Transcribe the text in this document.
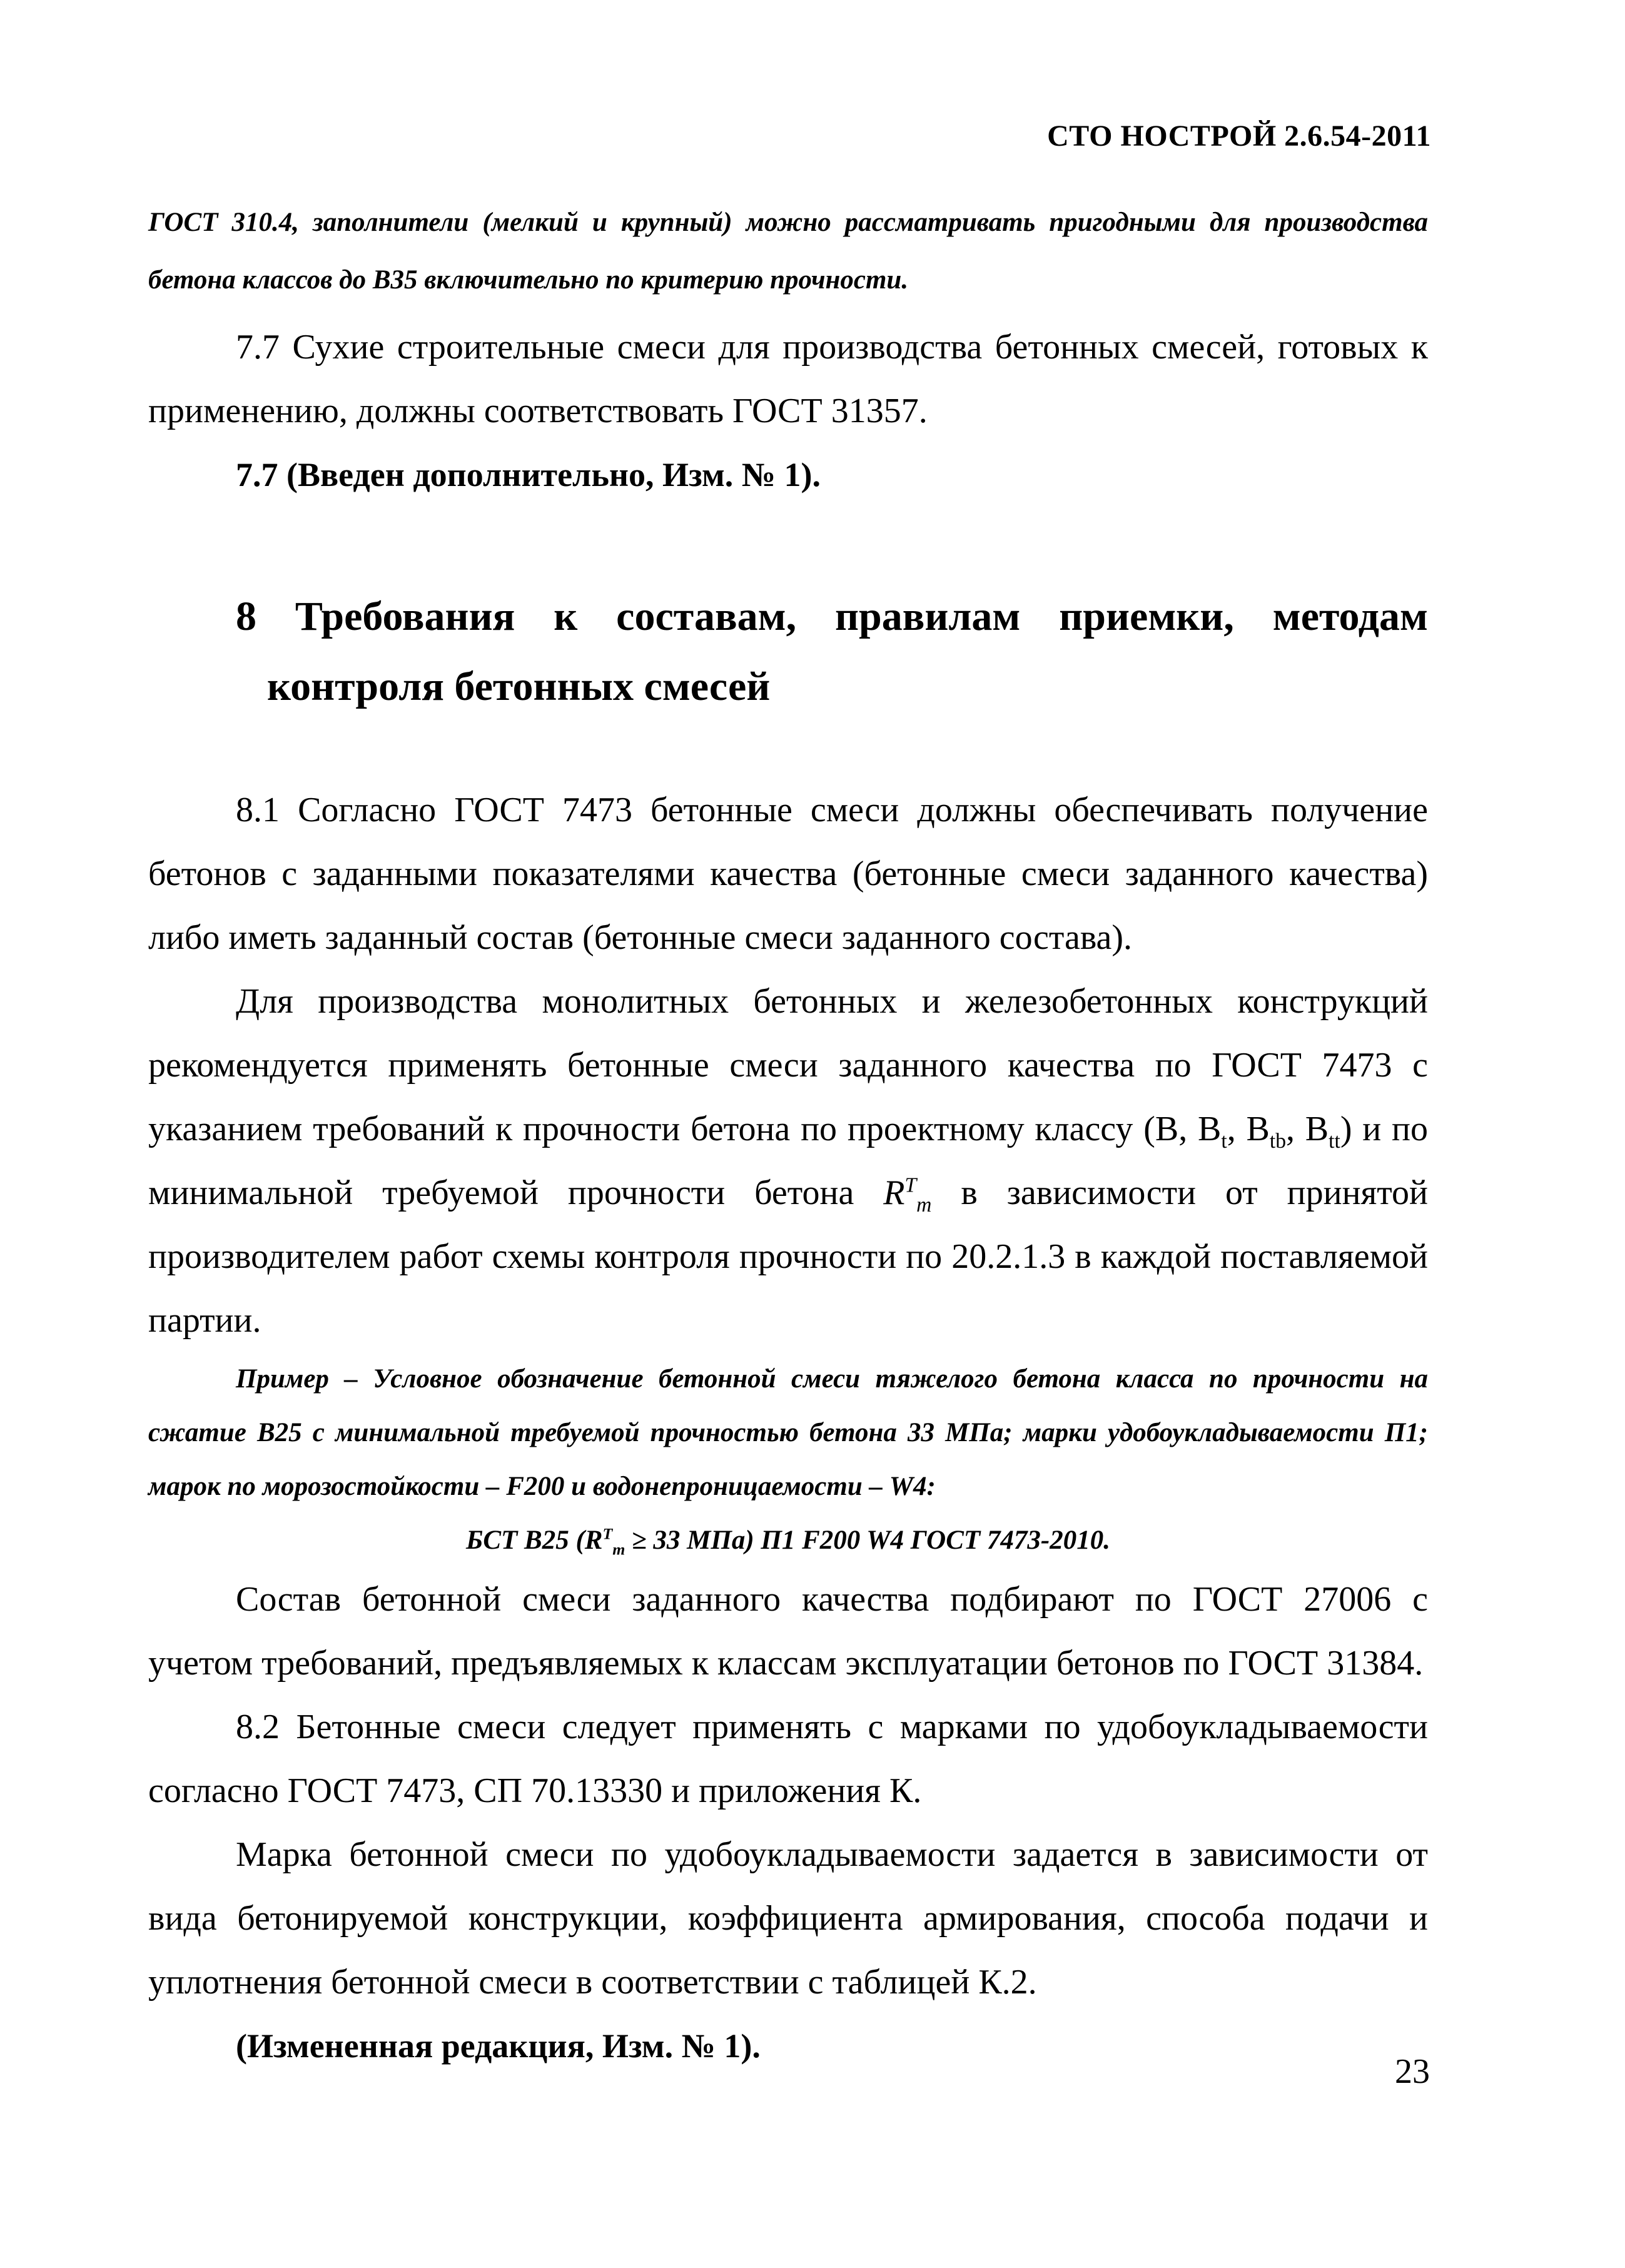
СТО НОСТРОЙ 2.6.54-2011

ГОСТ 310.4, заполнители (мелкий и крупный) можно рассматривать пригодными для производства бетона классов до В35 включительно по критерию прочности.

7.7 Сухие строительные смеси для производства бетонных смесей, готовых к применению, должны соответствовать ГОСТ 31357.

7.7 (Введен дополнительно, Изм. № 1).

8 Требования к составам, правилам приемки, методам контроля бетонных смесей

8.1 Согласно ГОСТ 7473 бетонные смеси должны обеспечивать получение бетонов с заданными показателями качества (бетонные смеси заданного качества) либо иметь заданный состав (бетонные смеси заданного состава).

Для производства монолитных бетонных и железобетонных конструкций рекомендуется применять бетонные смеси заданного качества по ГОСТ 7473 с указанием требований к прочности бетона по проектному классу (В, $В_t$, $В_{tb}$, $В_{tt}$) и по минимальной требуемой прочности бетона $R^T_m$ в зависимости от принятой производителем работ схемы контроля прочности по 20.2.1.3 в каждой поставляемой партии.

Пример – Условное обозначение бетонной смеси тяжелого бетона класса по прочности на сжатие В25 с минимальной требуемой прочностью бетона 33 МПа; марки удобоукладываемости П1; марок по морозостойкости – F200 и водонепроницаемости – W4:

БСТ В25 ($R^T_m \ge 33$ МПа) П1 F200 W4 ГОСТ 7473-2010.

Состав бетонной смеси заданного качества подбирают по ГОСТ 27006 с учетом требований, предъявляемых к классам эксплуатации бетонов по ГОСТ 31384.

8.2 Бетонные смеси следует применять с марками по удобоукладываемости согласно ГОСТ 7473, СП 70.13330 и приложения К.

Марка бетонной смеси по удобоукладываемости задается в зависимости от вида бетонируемой конструкции, коэффициента армирования, способа подачи и уплотнения бетонной смеси в соответствии с таблицей К.2.

(Измененная редакция, Изм. № 1).

23
